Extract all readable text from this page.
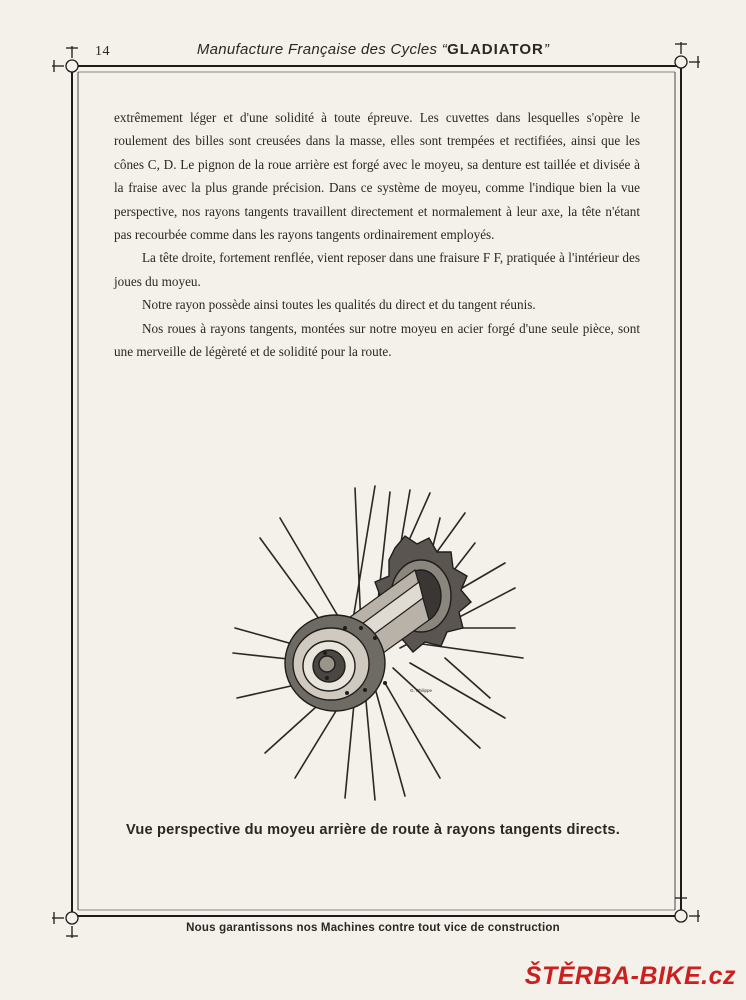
14	Manufacture Française des Cycles “GLADIATOR”

extrêmement léger et d'une solidité à toute épreuve. Les cuvettes dans lesquelles s'opère le roulement des billes sont creusées dans la masse, elles sont trempées et rectifiées, ainsi que les cônes C, D. Le pignon de la roue arrière est forgé avec le moyeu, sa denture est taillée et divisée à la fraise avec la plus grande précision. Dans ce système de moyeu, comme l'indique bien la vue perspective, nos rayons tangents travaillent directement et normalement à leur axe, la tête n'étant pas recourbée comme dans les rayons tangents ordinairement employés.

La tête droite, fortement renflée, vient reposer dans une fraisure F F, pratiquée à l'intérieur des joues du moyeu.

Notre rayon possède ainsi toutes les qualités du direct et du tangent réunis.

Nos roues à rayons tangents, montées sur notre moyeu en acier forgé d'une seule pièce, sont une merveille de légèreté et de solidité pour la route.

G. Philippe
Vue perspective du moyeu arrière de route à rayons tangents directs.
Nous garantissons nos Machines contre tout vice de construction
ŠTĚRBA-BIKE.cz
